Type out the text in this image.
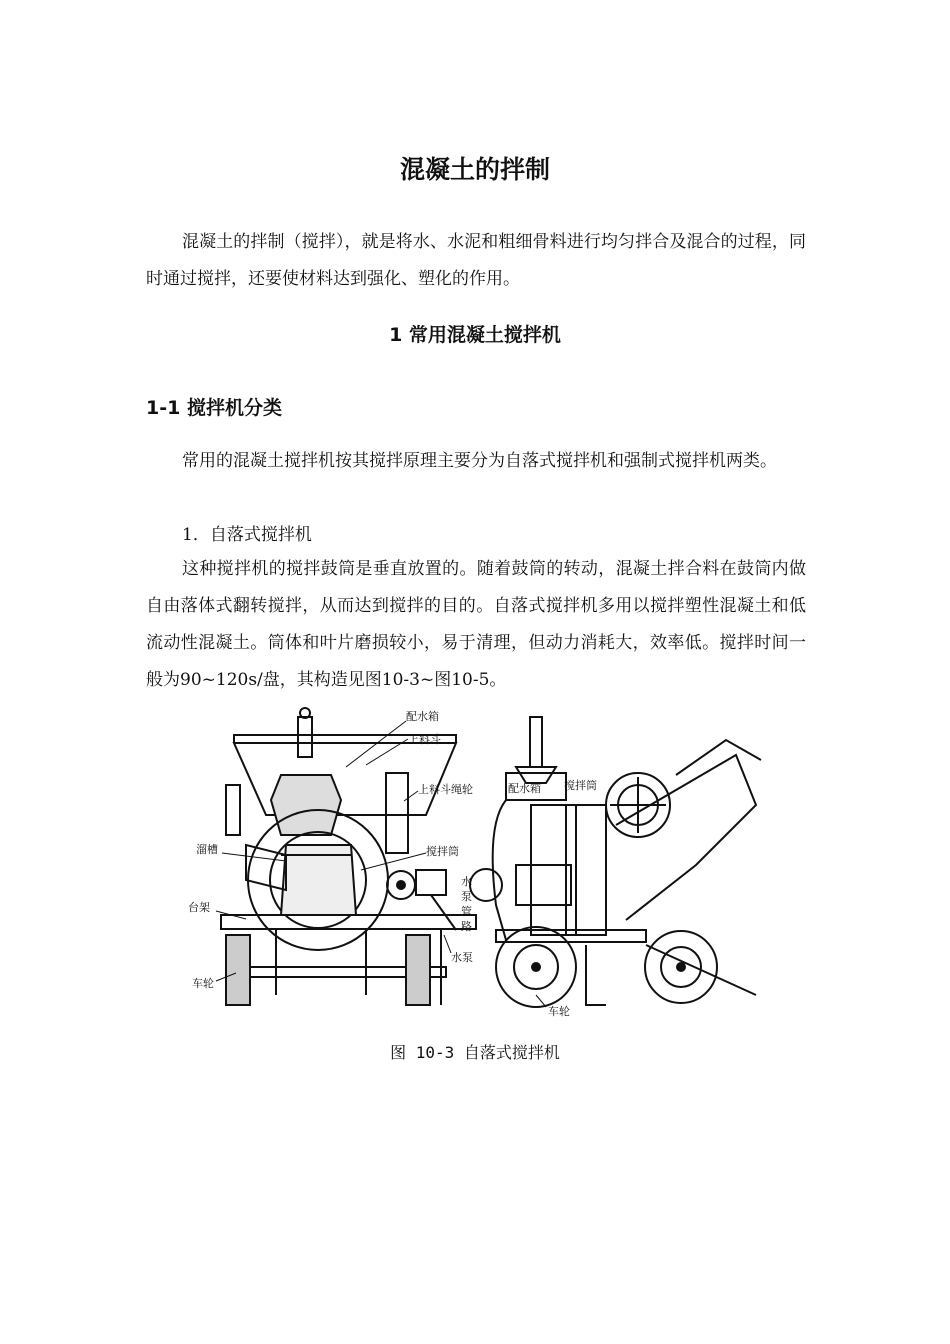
混凝土的拌制
混凝土的拌制（搅拌），就是将水、水泥和粗细骨料进行均匀拌合及混合的过程，同时通过搅拌，还要使材料达到强化、塑化的作用。
1 常用混凝土搅拌机
1-1 搅拌机分类
常用的混凝土搅拌机按其搅拌原理主要分为自落式搅拌机和强制式搅拌机两类。
1．自落式搅拌机
这种搅拌机的搅拌鼓筒是垂直放置的。随着鼓筒的转动，混凝土拌合料在鼓筒内做自由落体式翻转搅拌，从而达到搅拌的目的。自落式搅拌机多用以搅拌塑性混凝土和低流动性混凝土。筒体和叶片磨损较小，易于清理，但动力消耗大，效率低。搅拌时间一般为90~120s/盘，其构造见图10-3~图10-5。
配水箱
上料斗
上料斗绳轮
溜槽	搅拌筒
台架
水
泵
管
路
水泵
车轮
配水箱 搅拌筒
车轮
图 10-3 自落式搅拌机
